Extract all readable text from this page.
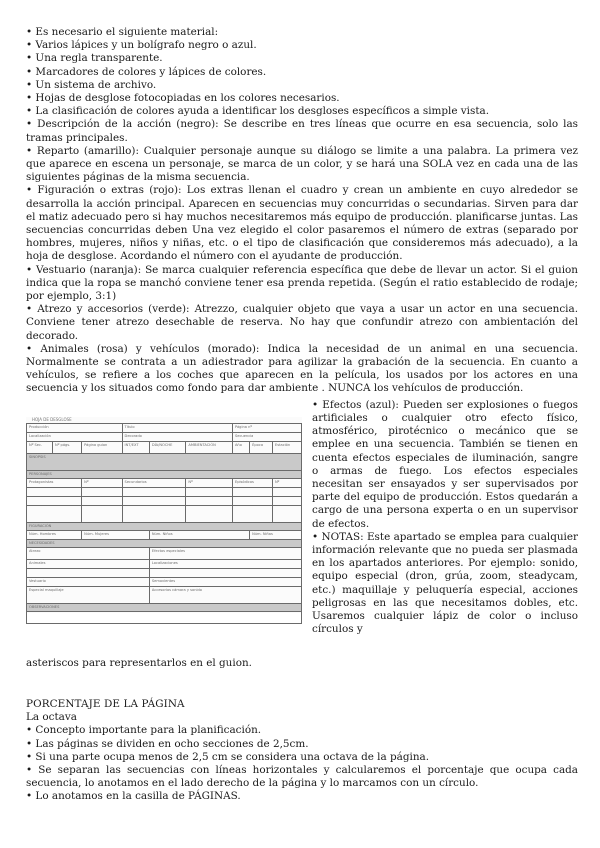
• Es necesario el siguiente material:

• Varios lápices y un bolígrafo negro o azul.

• Una regla transparente.

• Marcadores de colores y lápices de colores.

• Un sistema de archivo.

• Hojas de desglose fotocopiadas en los colores necesarios.

• La clasificación de colores ayuda a identificar los desgloses específicos a simple vista.

• Descripción de la acción (negro): Se describe en tres líneas que ocurre en esa secuencia, solo las tramas principales.

• Reparto (amarillo): Cualquier personaje aunque su diálogo se limite a una palabra. La primera vez que aparece en escena un personaje, se marca de un color, y se hará una SOLA vez en cada una de las siguientes páginas de la misma secuencia.

• Figuración o extras (rojo): Los extras llenan el cuadro y crean un ambiente en cuyo alrededor se desarrolla la acción principal. Aparecen en secuencias muy concurridas o secundarias. Sirven para dar el matiz adecuado pero si hay muchos necesitaremos más equipo de producción. planificarse juntas. Las secuencias concurridas deben Una vez elegido el color pasaremos el número de extras (separado por hombres, mujeres, niños y niñas, etc. o el tipo de clasificación que consideremos más adecuado), a la hoja de desglose. Acordando el número con el ayudante de producción.

• Vestuario (naranja): Se marca cualquier referencia específica que debe de llevar un actor. Si el guion indica que la ropa se manchó conviene tener esa prenda repetida. (Según el ratio establecido de rodaje; por ejemplo, 3:1)

• Atrezo y accesorios (verde): Atrezzo, cualquier objeto que vaya a usar un actor en una secuencia. Conviene tener atrezo desechable de reserva. No hay que confundir atrezo con ambientación del decorado.

• Animales (rosa) y vehículos (morado): Indica la necesidad de un animal en una secuencia. Normalmente se contrata a un adiestrador para agilizar la grabación de la secuencia. En cuanto a vehículos, se refiere a los coches que aparecen en la película, los usados por los actores en una secuencia y los situados como fondo para dar ambiente . NUNCA los vehículos de producción.

HOJA DE DESGLOSE
Producción			Título			Página nº		
Localización			Decorado			Secuencia		
Nº Sec.	Nº págs.	Página guion	INT/EXT	DÍA/NOCHE	AMBIENTACIÓN	Año	Época	Estación
SINOPSIS								
PERSONAJES								
Protagonistas		Nº	Secundarios		Nº	Episódicos		Nº

FIGURACIÓN								
Núm. Hombres		Núm. Mujeres		Núm. Niños			Núm. Niñas	
NECESIDADES								
Atrezo				Efectos especiales				
Animales				Localizaciones				

Vestuario				Semovientes				
Especial maquillaje				Accesorios cámara y sonido				
OBSERVACIONES								

• Efectos (azul): Pueden ser explosiones o fuegos artificiales o cualquier otro efecto físico, atmosférico, pirotécnico o mecánico que se emplee en una secuencia. También se tienen en cuenta efectos especiales de iluminación, sangre o armas de fuego. Los efectos especiales necesitan ser ensayados y ser supervisados por parte del equipo de producción. Estos quedarán a cargo de una persona experta o en un supervisor de efectos.

• NOTAS: Este apartado se emplea para cualquier información relevante que no pueda ser plasmada en los apartados anteriores. Por ejemplo: sonido, equipo especial (dron, grúa, zoom, steadycam, etc.) maquillaje y peluquería especial, acciones peligrosas en las que necesitamos dobles, etc. Usaremos cualquier lápiz de color o incluso círculos y

asteriscos para representarlos en el guion.

PORCENTAJE DE LA PÁGINA

La octava

• Concepto importante para la planificación.

• Las páginas se dividen en ocho secciones de 2,5cm.

• Si una parte ocupa menos de 2,5 cm se considera una octava de la página.

• Se separan las secuencias con líneas horizontales y calcularemos el porcentaje que ocupa cada secuencia, lo anotamos en el lado derecho de la página y lo marcamos con un círculo.

• Lo anotamos en la casilla de PÁGINAS.
